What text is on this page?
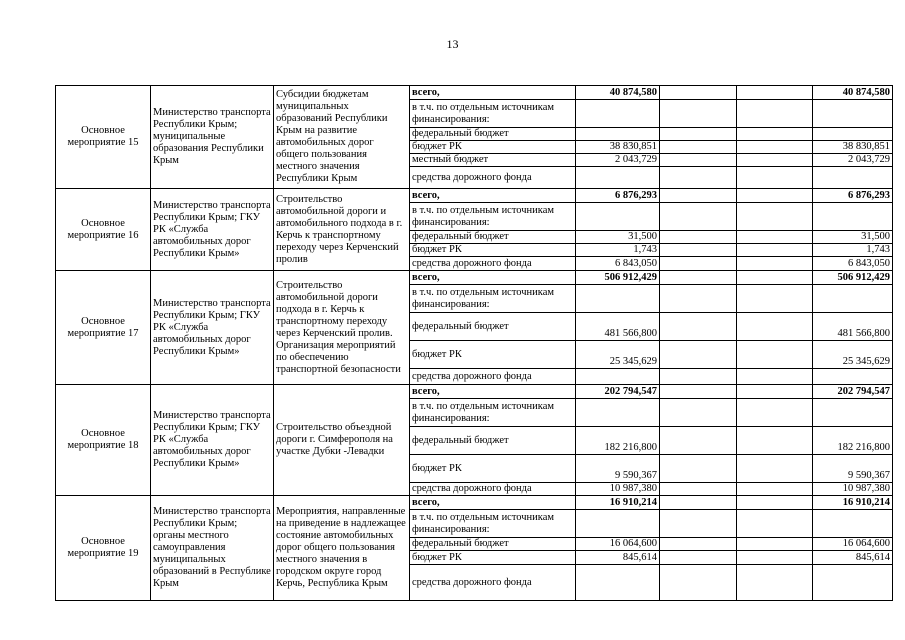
13
Основное мероприятие 15	Министерство транспорта Республики Крым; муниципальные образования Республики Крым	Субсидии бюджетам муниципальных образований Республики Крым на развитие автомобильных дорог общего пользования местного значения Республики Крым	всего,	40 874,580			40 874,580
			в т.ч. по отдельным источникам финансирования:				
			федеральный бюджет				
			бюджет РК	38 830,851			38 830,851
			местный бюджет	2 043,729			2 043,729
			средства дорожного фонда				
Основное мероприятие 16	Министерство транспорта Республики Крым; ГКУ РК «Служба автомобильных дорог Республики Крым»	Строительство автомобильной дороги и автомобильного подхода в г. Керчь к транспортному переходу через Керченский пролив	всего,	6 876,293			6 876,293
			в т.ч. по отдельным источникам финансирования:				
			федеральный бюджет	31,500			31,500
			бюджет РК	1,743			1,743
			средства дорожного фонда	6 843,050			6 843,050
Основное мероприятие 17	Министерство транспорта Республики Крым; ГКУ РК «Служба автомобильных дорог Республики Крым»	Строительство автомобильной дороги подхода в г. Керчь к транспортному переходу через Керченский пролив. Организация мероприятий по обеспечению транспортной безопасности	всего,	506 912,429			506 912,429
			в т.ч. по отдельным источникам финансирования:				
			федеральный бюджет	481 566,800			481 566,800
			бюджет РК	25 345,629			25 345,629
			средства дорожного фонда				
Основное мероприятие 18	Министерство транспорта Республики Крым; ГКУ РК «Служба автомобильных дорог Республики Крым»	Строительство объездной дороги г. Симферополя на участке Дубки -Левадки	всего,	202 794,547			202 794,547
			в т.ч. по отдельным источникам финансирования:				
			федеральный бюджет	182 216,800			182 216,800
			бюджет РК	9 590,367			9 590,367
			средства дорожного фонда	10 987,380			10 987,380
Основное мероприятие 19	Министерство транспорта Республики Крым; органы местного самоуправления муниципальных образований в Республике Крым	Мероприятия, направленные на приведение в надлежащее состояние автомобильных дорог общего пользования местного значения в городском округе город Керчь, Республика Крым	всего,	16 910,214			16 910,214
			в т.ч. по отдельным источникам финансирования:				
			федеральный бюджет	16 064,600			16 064,600
			бюджет РК	845,614			845,614
			средства дорожного фонда				
